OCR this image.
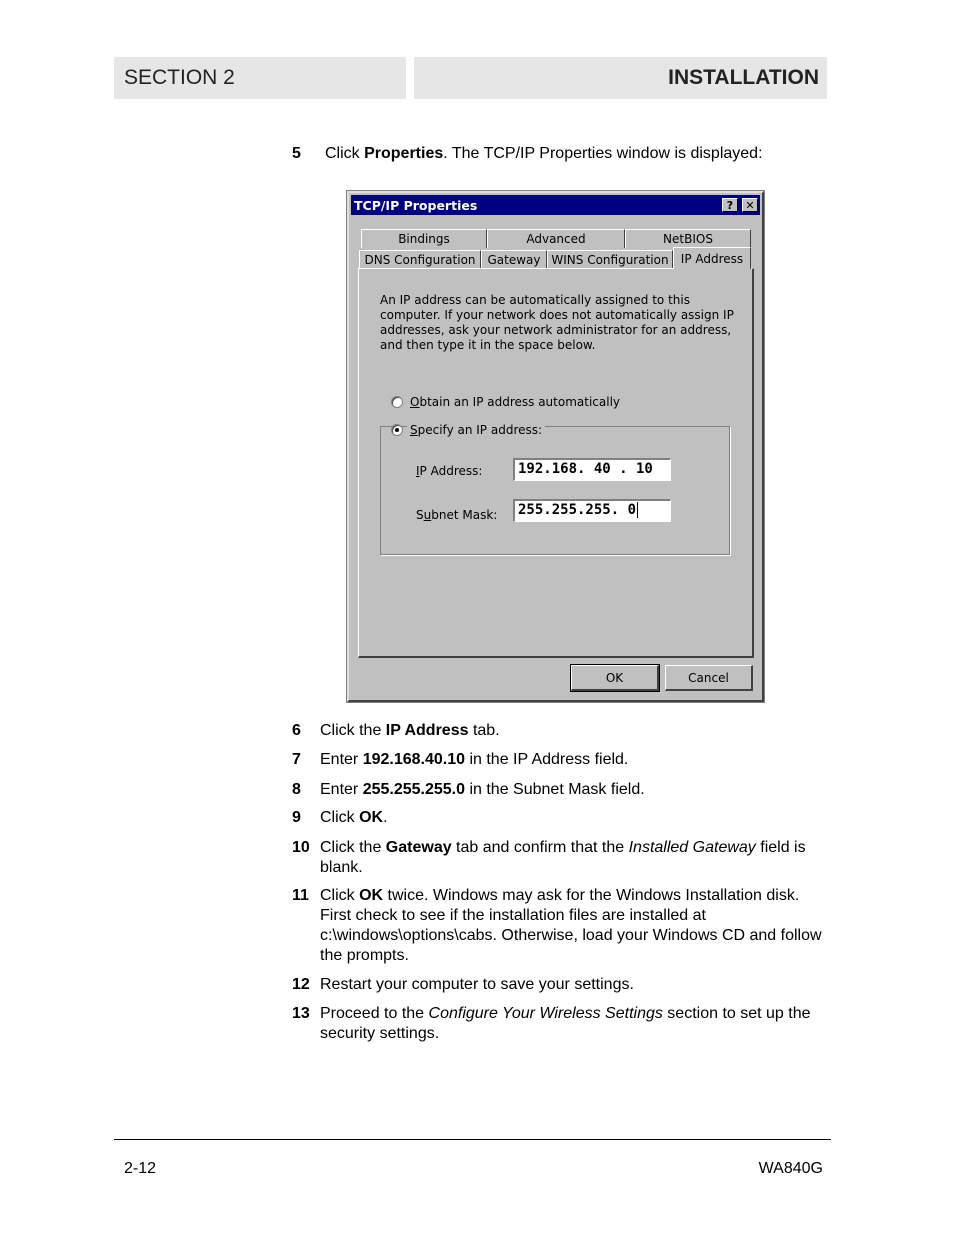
SECTION 2	INSTALLATION
5	Click Properties. The TCP/IP Properties window is displayed:
TCP/IP Properties	? ✕
Bindings	Advanced	NetBIOS
DNS Configuration Gateway WINS Configuration	IP Address
An IP address can be automatically assigned to this computer. If your network does not automatically assign IP addresses, ask your network administrator for an address, and then type it in the space below.
Obtain an IP address automatically
Specify an IP address:
IP Address:	192.168. 40 . 10
Subnet Mask:	255.255.255. 0
OK	Cancel
6	Click the IP Address tab.
7	Enter 192.168.40.10 in the IP Address field.
8	Enter 255.255.255.0 in the Subnet Mask field.
9	Click OK.
10 Click the Gateway tab and confirm that the Installed Gateway field is blank.
11 Click OK twice. Windows may ask for the Windows Installation disk. First check to see if the installation files are installed at c:\windows\options\cabs. Otherwise, load your Windows CD and follow the prompts.
12 Restart your computer to save your settings.
13 Proceed to the Configure Your Wireless Settings section to set up the security settings.
2-12	WA840G
